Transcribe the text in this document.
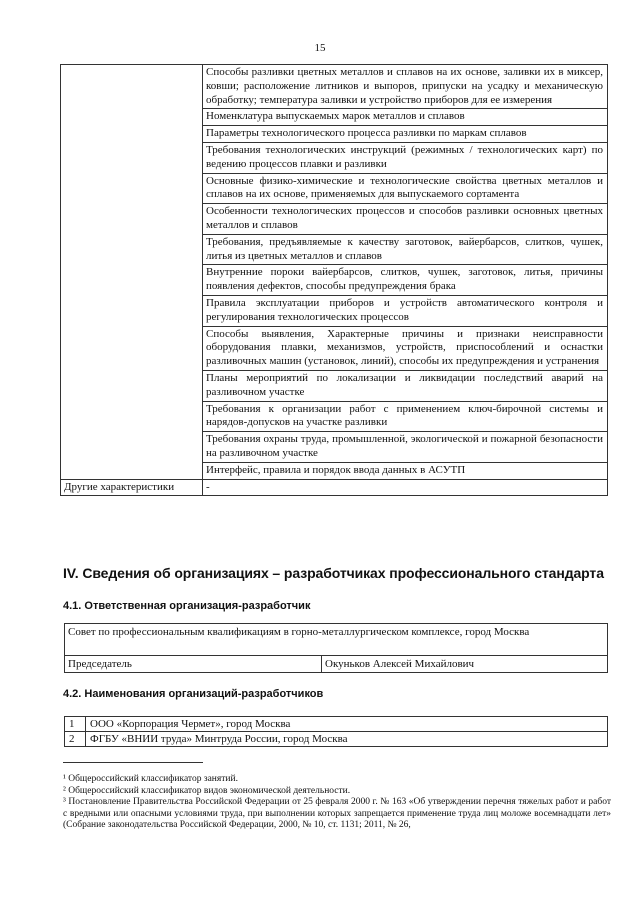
15
	Способы разливки цветных металлов и сплавов на их основе, заливки их в миксер, ковши; расположение литников и выпоров, припуски на усадку и механическую обработку; температура заливки и устройство приборов для ее измерения
	Номенклатура выпускаемых марок металлов и сплавов
	Параметры технологического процесса разливки по маркам сплавов
	Требования технологических инструкций (режимных / технологических карт) по ведению процессов плавки и разливки
	Основные физико-химические и технологические свойства цветных металлов и сплавов на их основе, применяемых для выпускаемого сортамента
	Особенности технологических процессов и способов разливки основных цветных металлов и сплавов
	Требования, предъявляемые к качеству заготовок, вайербарсов, слитков, чушек, литья из цветных металлов и сплавов
	Внутренние пороки вайербарсов, слитков, чушек, заготовок, литья, причины появления дефектов, способы предупреждения брака
	Правила эксплуатации приборов и устройств автоматического контроля и регулирования технологических процессов
	Способы выявления, Характерные причины и признаки неисправности оборудования плавки, механизмов, устройств, приспособлений и оснастки разливочных машин (установок, линий), способы их предупреждения и устранения
	Планы мероприятий по локализации и ликвидации последствий аварий на разливочном участке
	Требования к организации работ с применением ключ-бирочной системы и нарядов-допусков на участке разливки
	Требования охраны труда, промышленной, экологической и пожарной безопасности на разливочном участке
	Интерфейс, правила и порядок ввода данных в АСУТП
Другие характеристики	-
IV. Сведения об организациях – разработчиках профессионального стандарта
4.1. Ответственная организация-разработчик
Совет по профессиональным квалификациям в горно-металлургическом комплексе, город Москва
Председатель	Окуньков Алексей Михайлович
4.2. Наименования организаций-разработчиков
1	ООО «Корпорация Чермет», город Москва
2	ФГБУ «ВНИИ труда» Минтруда России, город Москва
¹ Общероссийский классификатор занятий.
² Общероссийский классификатор видов экономической деятельности.
³ Постановление Правительства Российской Федерации от 25 февраля 2000 г. № 163 «Об утверждении перечня тяжелых работ и работ с вредными или опасными условиями труда, при выполнении которых запрещается применение труда лиц моложе восемнадцати лет» (Собрание законодательства Российской Федерации, 2000, № 10, ст. 1131; 2011, № 26,
